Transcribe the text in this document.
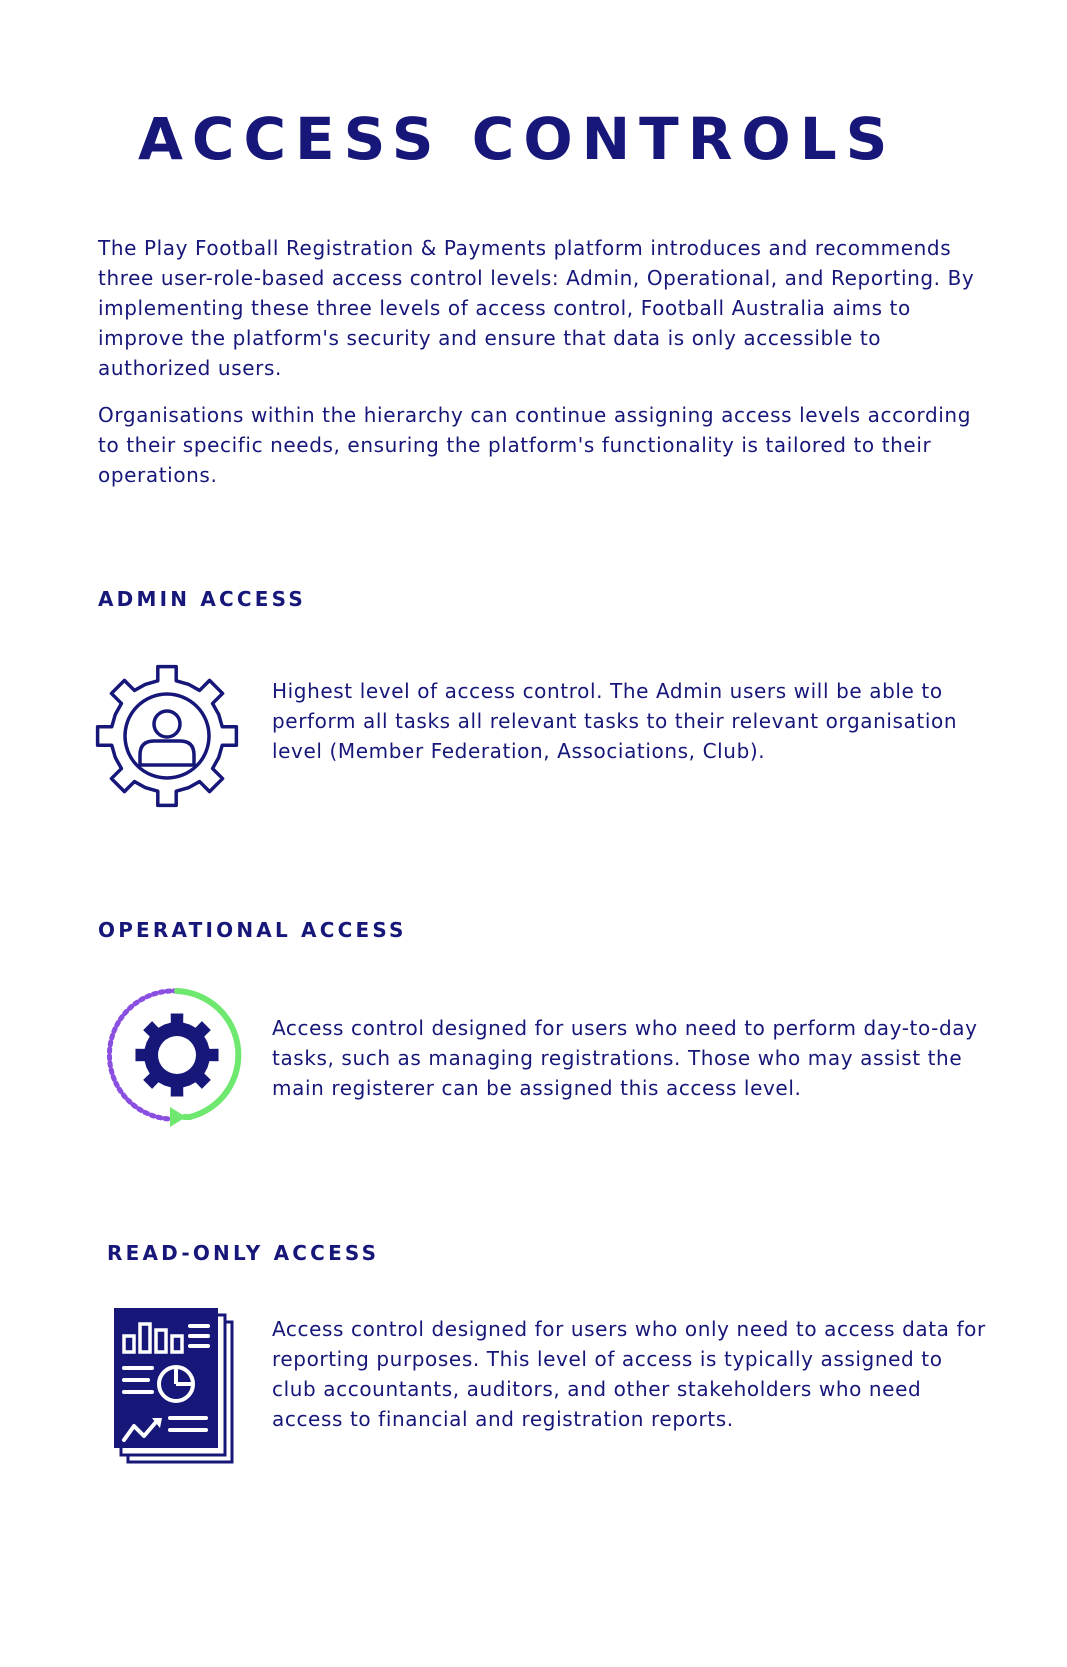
ACCESS CONTROLS

The Play Football Registration & Payments platform introduces and recommends three user-role-based access control levels: Admin, Operational, and Reporting. By implementing these three levels of access control, Football Australia aims to improve the platform's security and ensure that data is only accessible to authorized users.

Organisations within the hierarchy can continue assigning access levels according to their specific needs, ensuring the platform's functionality is tailored to their operations.

ADMIN ACCESS

Highest level of access control. The Admin users will be able to perform all tasks all relevant tasks to their relevant organisation level (Member Federation, Associations, Club).

OPERATIONAL ACCESS

Access control designed for users who need to perform day-to-day tasks, such as managing registrations. Those who may assist the main registerer can be assigned this access level.

READ-ONLY ACCESS

Access control designed for users who only need to access data for reporting purposes. This level of access is typically assigned to club accountants, auditors, and other stakeholders who need access to financial and registration reports.
